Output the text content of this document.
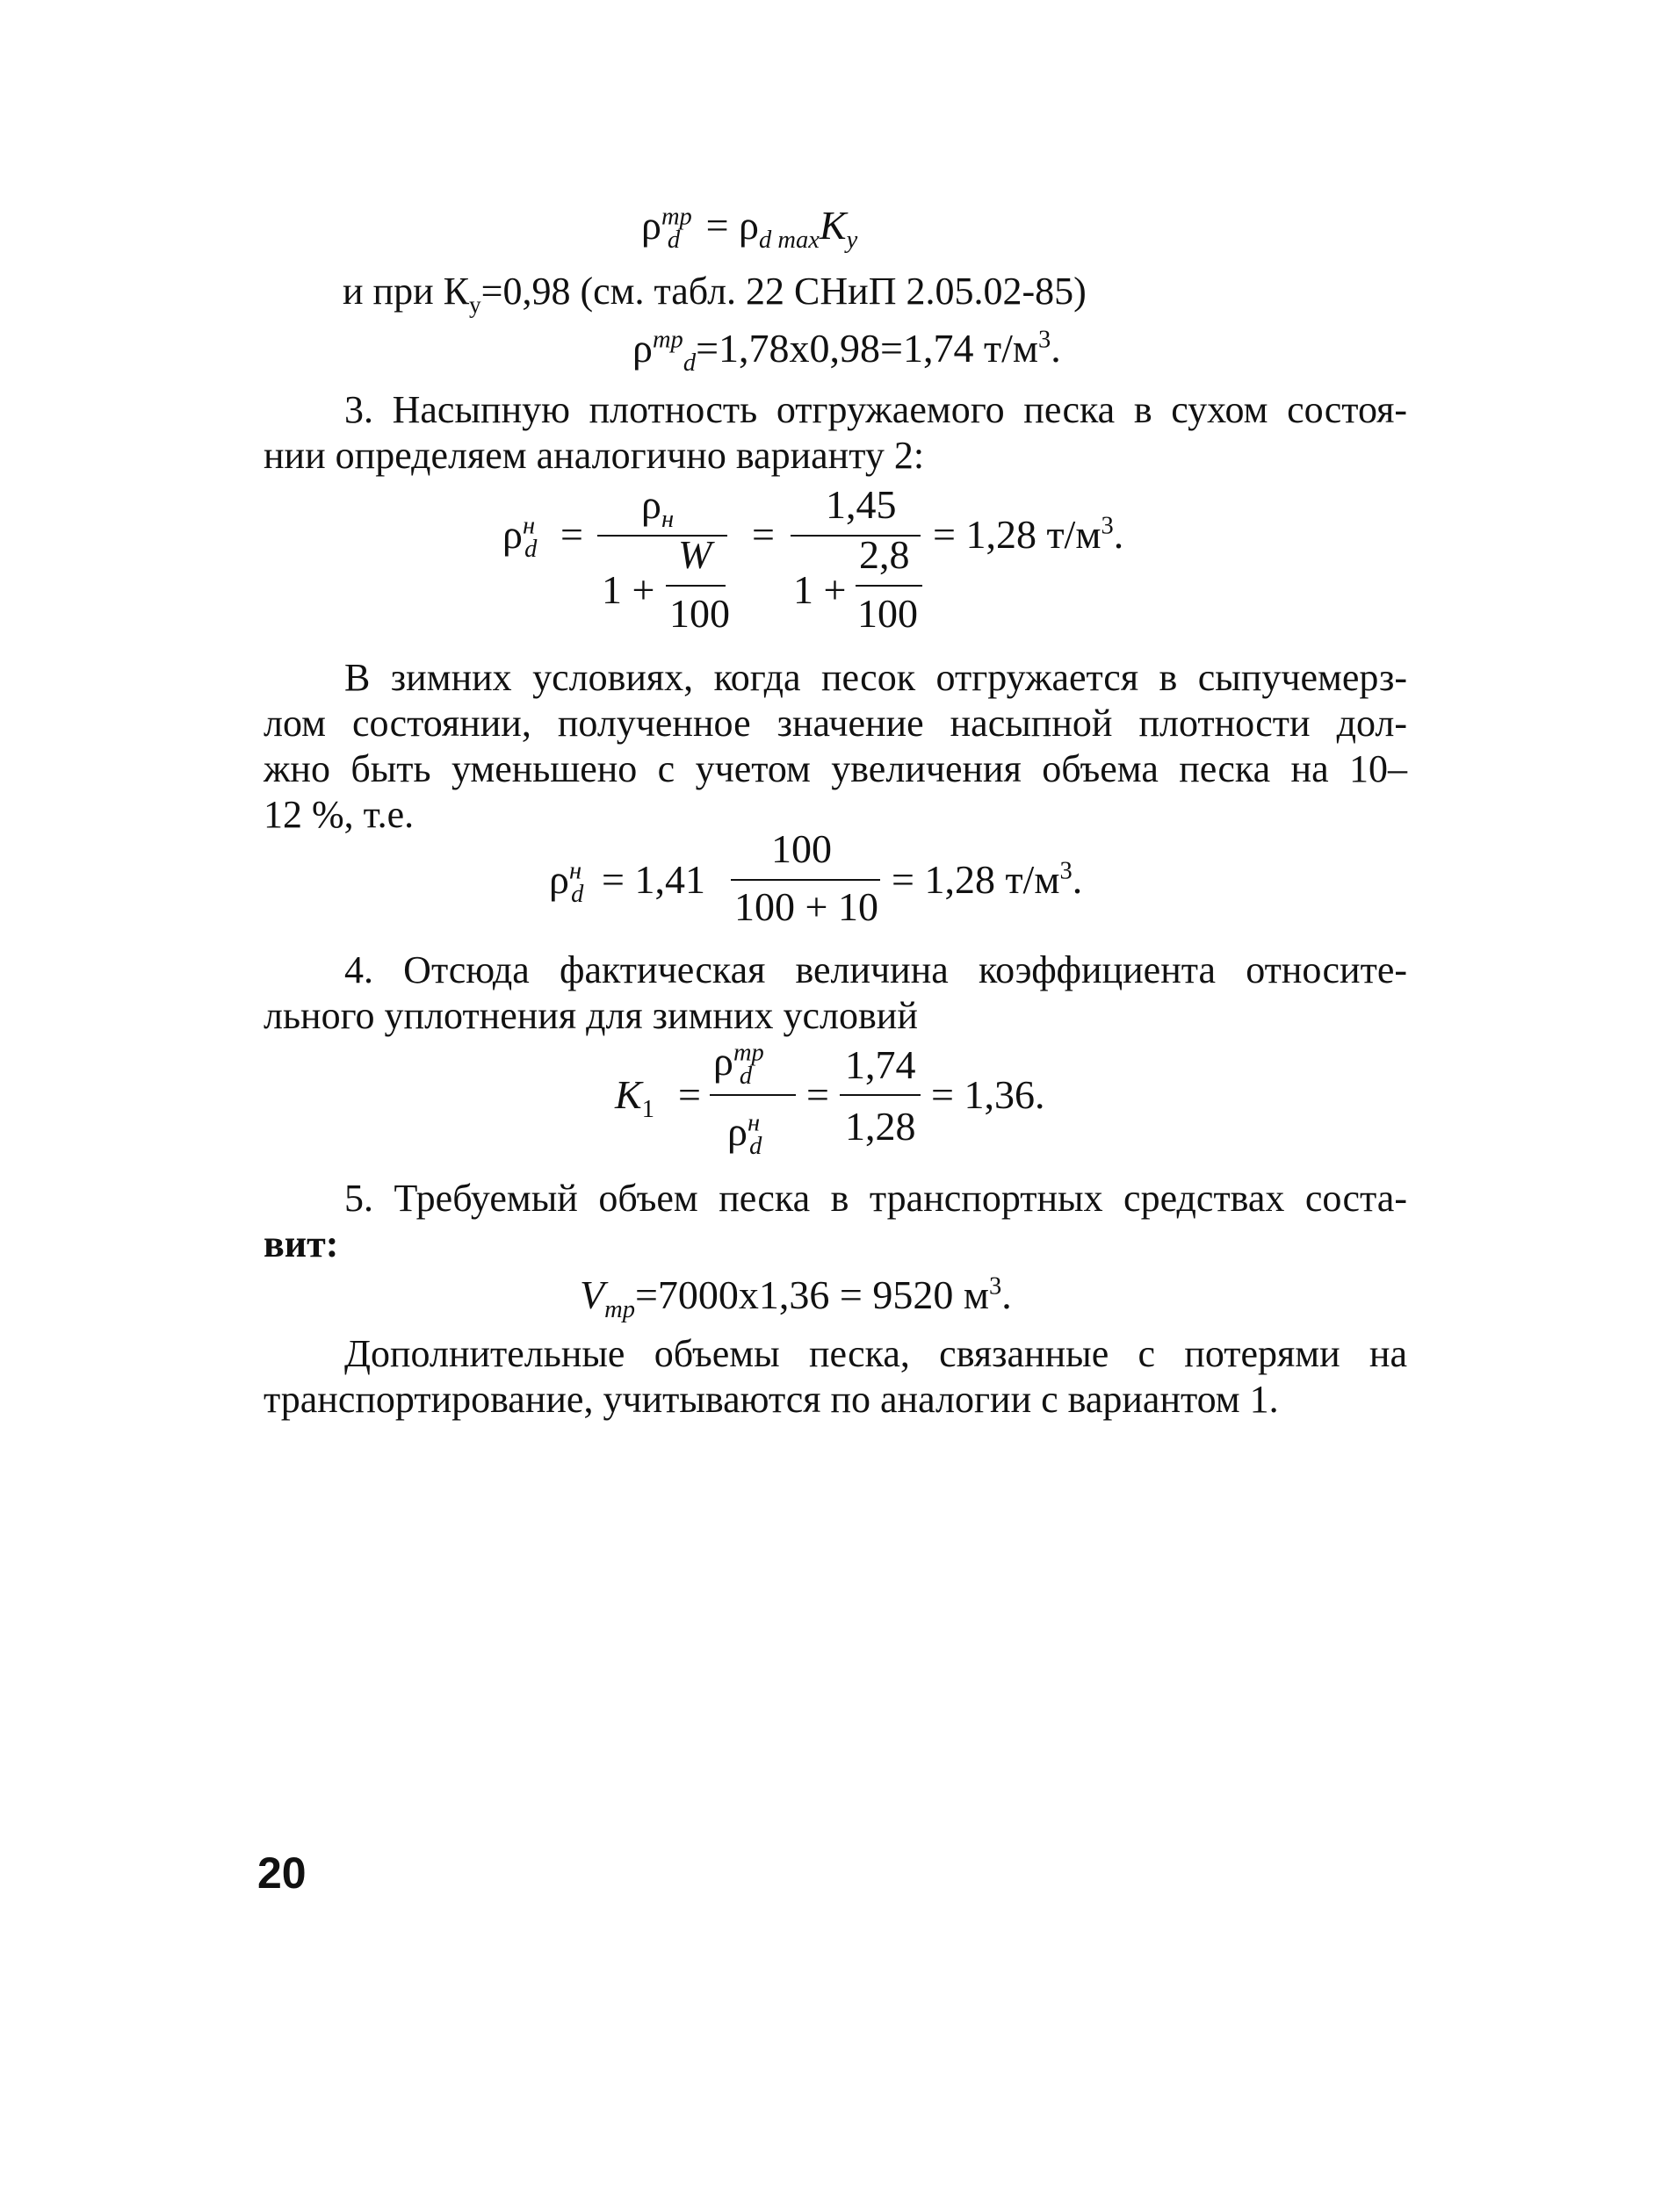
$\rho^{тр}_d = \rho_{d max}K_y$
и при $К_у=0,98$ (см. табл. 22 СНиП 2.05.02-85)
$\rho^{тр}_d=1,78х0,98=1,74$ $т/м^3$.
3. Насыпную плотность отгружаемого песка в сухом состоя-
нии определяем аналогично варианту 2:
$\rho^н_d$ =
$\rho_н$
1 +
W
100
=
1,45
1 +
2,8
100
= 1,28 $т/м^3$.
В зимних условиях, когда песок отгружается в сыпучемерз-
лом состоянии, полученное значение насыпной плотности дол-
жно быть уменьшено с учетом увеличения объема песка на 10–
12 %, т.е.
$\rho^н_d = 1,41$
100
100 + 10
= 1,28 $т/м^3$.
4. Отсюда фактическая величина коэффициента относите-
льного уплотнения для зимних условий
$K_1$ =
$\rho^{тр}_d$
$\rho^н_d$
=
1,74
1,28
= 1,36.
5. Требуемый объем песка в транспортных средствах соста-
вит:
$V_{тр}=7000х1,36 = 9520$ $м^3$.
Дополнительные объемы песка, связанные с потерями на
транспортирование, учитываются по аналогии с вариантом 1.
20
